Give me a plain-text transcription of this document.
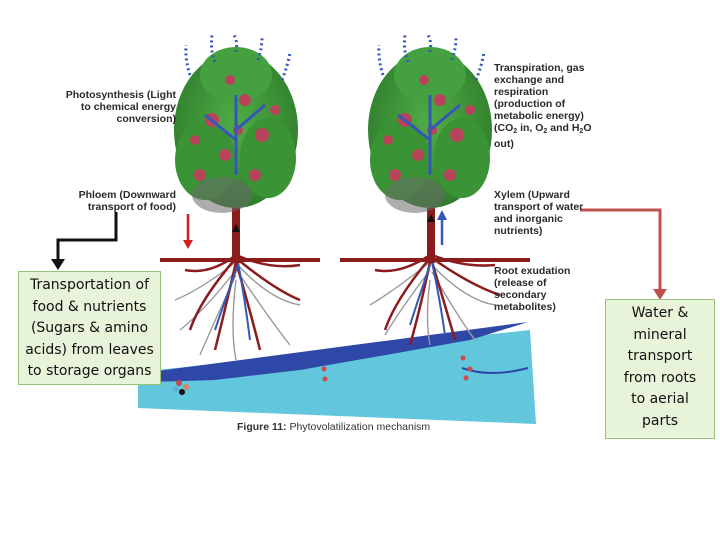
Photosynthesis (Light
to chemical energy
conversion)
Phloem (Downward
transport of food)
Xylem (Upward
transport of water
and inorganic
nutrients)
Root exudation
(release of
secondary
metabolites)
Transpiration, gas
exchange and
respiration
(production of
metabolic energy)
($CO_2$ in, $O_2$ and $H_2O$
out)
Figure 11: Phytovolatilization mechanism
Transportation of
food & nutrients
(Sugars & amino
acids) from leaves
to storage organs
Water &
mineral
transport
from roots
to aerial
parts
